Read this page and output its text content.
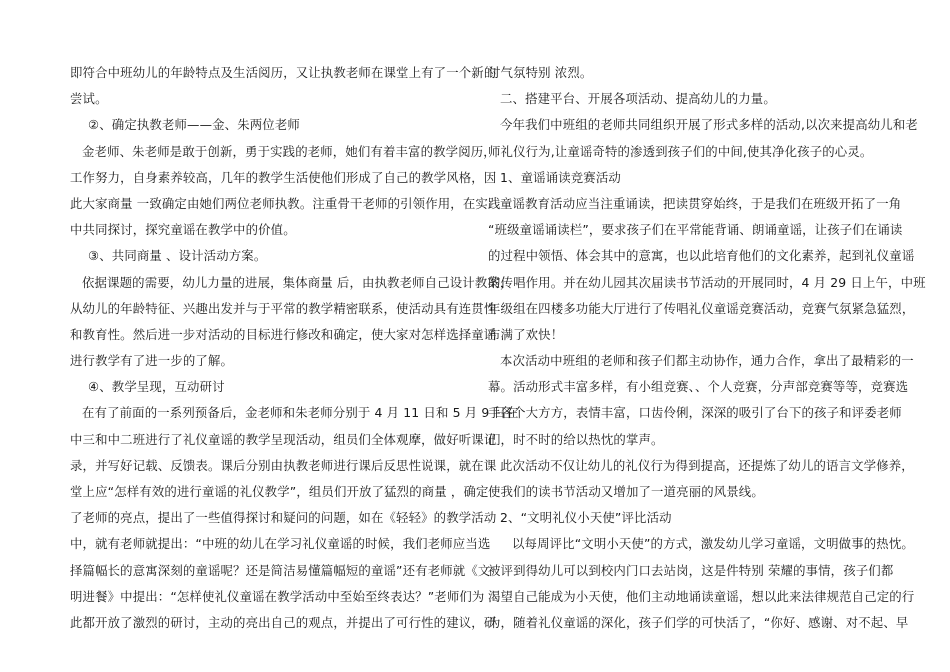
即符合中班幼儿的年龄特点及生活阅历，又让执教老师在课堂上有了一个新的
尝试。
②、确定执教老师——金、朱两位老师
金老师、朱老师是敢于创新，勇于实践的老师，她们有着丰富的教学阅历，
工作努力，自身素养较高，几年的教学生活使他们形成了自己的教学风格，因
此大家商量 一致确定由她们两位老师执教。注重骨干老师的引领作用，在实践
中共同探讨，探究童谣在教学中的价值。
③、共同商量 、设计活动方案。
依据课题的需要，幼儿力量的进展，集体商量 后，由执教老师自己设计教案，
从幼儿的年龄特征、兴趣出发并与于平常的教学精密联系，使活动具有连贯性
和教育性。然后进一步对活动的目标进行修改和确定，使大家对怎样选择童谣
进行教学有了进一步的了解。
④、教学呈现，互动研讨
在有了前面的一系列预备后，金老师和朱老师分别于 4 月 11 日和 5 月 9 日在
中三和中二班进行了礼仪童谣的教学呈现活动，组员们全体观摩，做好听课记
录，并写好记载、反馈表。课后分别由执教老师进行课后反思性说课，就在课
堂上应“怎样有效的进行童谣的礼仪教学”，组员们开放了猛烈的商量 ，确定
了老师的亮点，提出了一些值得探讨和疑问的问题，如在《轻轻》的教学活动
中，就有老师就提出：“中班的幼儿在学习礼仪童谣的时候，我们老师应当选
择篇幅长的意寓深刻的童谣呢？还是简洁易懂篇幅短的童谣”还有老师就《文
明进餐》中提出：“怎样使礼仪童谣在教学活动中至始至终表达？”老师们为
此都开放了激烈的研讨，主动的亮出自己的观点，并提出了可行性的建议，研
讨气氛特别 浓烈。
二、搭建平台、开展各项活动、提高幼儿的力量。
今年我们中班组的老师共同组织开展了形式多样的活动,以次来提高幼儿和老
师礼仪行为,让童谣奇特的渗透到孩子们的中间,使其净化孩子的心灵。
1、童谣诵读竞赛活动
童谣教育活动应当注重诵读，把读贯穿始终，于是我们在班级开拓了一角
“班级童谣诵读栏”，要求孩子们在平常能背诵、朗诵童谣，让孩子们在诵读
的过程中领悟、体会其中的意寓，也以此培育他们的文化素养，起到礼仪童谣
的传唱作用。并在幼儿园其次届读书节活动的开展同时，4 月 29 日上午，中班
年级组在四楼多功能大厅进行了传唱礼仪童谣竞赛活动，竞赛气氛紧急猛烈，
布满了欢快！
本次活动中班组的老师和孩子们都主动协作，通力合作，拿出了最精彩的一
幕。活动形式丰富多样，有小组竞赛、、个人竞赛，分声部竞赛等等，竞赛选
手各个大方方，表情丰富，口齿伶俐，深深的吸引了台下的孩子和评委老师
们，时不时的给以热忱的掌声。
此次活动不仅让幼儿的礼仪行为得到提高，还提炼了幼儿的语言文学修养，
使我们的读书节活动又增加了一道亮丽的风景线。
2、“文明礼仪小天使”评比活动
以每周评比“文明小天使”的方式，激发幼儿学习童谣，文明做事的热忱。
被评到得幼儿可以到校内门口去站岗，这是件特别 荣耀的事情，孩子们都
渴望自己能成为小天使，他们主动地诵读童谣，想以此来法律规范自己定的行
为，随着礼仪童谣的深化，孩子们学的可快活了，“你好、感谢、对不起、早
